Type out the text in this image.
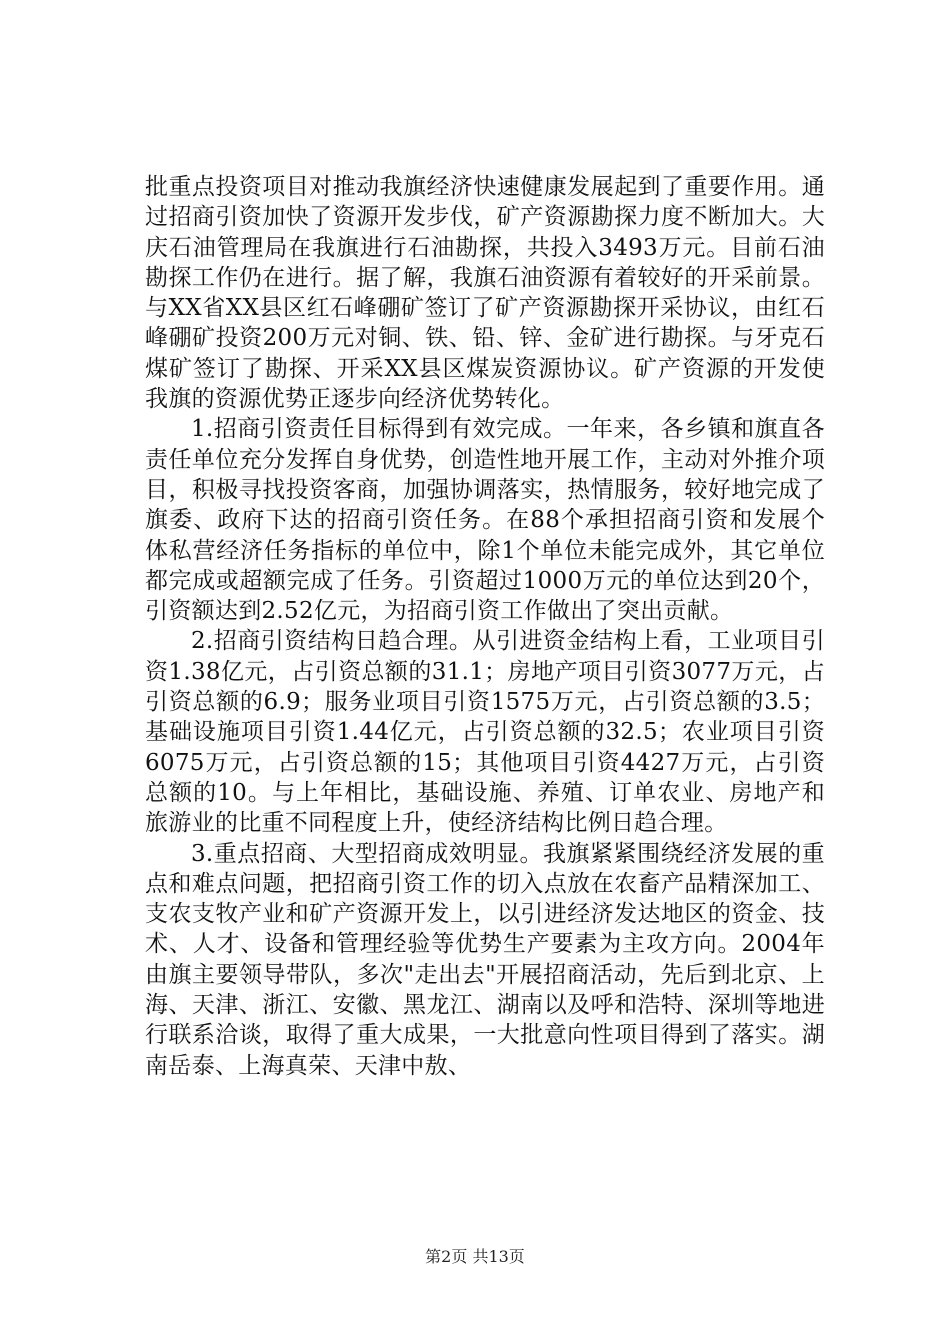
批重点投资项目对推动我旗经济快速健康发展起到了重要作用。通过招商引资加快了资源开发步伐，矿产资源勘探力度不断加大。大庆石油管理局在我旗进行石油勘探，共投入3493万元。目前石油勘探工作仍在进行。据了解，我旗石油资源有着较好的开采前景。与XX省XX县区红石峰硼矿签订了矿产资源勘探开采协议，由红石峰硼矿投资200万元对铜、铁、铅、锌、金矿进行勘探。与牙克石煤矿签订了勘探、开采XX县区煤炭资源协议。矿产资源的开发使我旗的资源优势正逐步向经济优势转化。

1.招商引资责任目标得到有效完成。一年来，各乡镇和旗直各责任单位充分发挥自身优势，创造性地开展工作，主动对外推介项目，积极寻找投资客商，加强协调落实，热情服务，较好地完成了旗委、政府下达的招商引资任务。在88个承担招商引资和发展个体私营经济任务指标的单位中，除1个单位未能完成外，其它单位都完成或超额完成了任务。引资超过1000万元的单位达到20个，引资额达到2.52亿元，为招商引资工作做出了突出贡献。

2.招商引资结构日趋合理。从引进资金结构上看，工业项目引资1.38亿元，占引资总额的31.1；房地产项目引资3077万元，占引资总额的6.9；服务业项目引资1575万元，占引资总额的3.5；基础设施项目引资1.44亿元，占引资总额的32.5；农业项目引资6075万元，占引资总额的15；其他项目引资4427万元，占引资总额的10。与上年相比，基础设施、养殖、订单农业、房地产和旅游业的比重不同程度上升，使经济结构比例日趋合理。

3.重点招商、大型招商成效明显。我旗紧紧围绕经济发展的重点和难点问题，把招商引资工作的切入点放在农畜产品精深加工、支农支牧产业和矿产资源开发上，以引进经济发达地区的资金、技术、人才、设备和管理经验等优势生产要素为主攻方向。2004年由旗主要领导带队，多次"走出去"开展招商活动，先后到北京、上海、天津、浙江、安徽、黑龙江、湖南以及呼和浩特、深圳等地进行联系洽谈，取得了重大成果，一大批意向性项目得到了落实。湖南岳泰、上海真荣、天津中敖、

第2页 共13页
